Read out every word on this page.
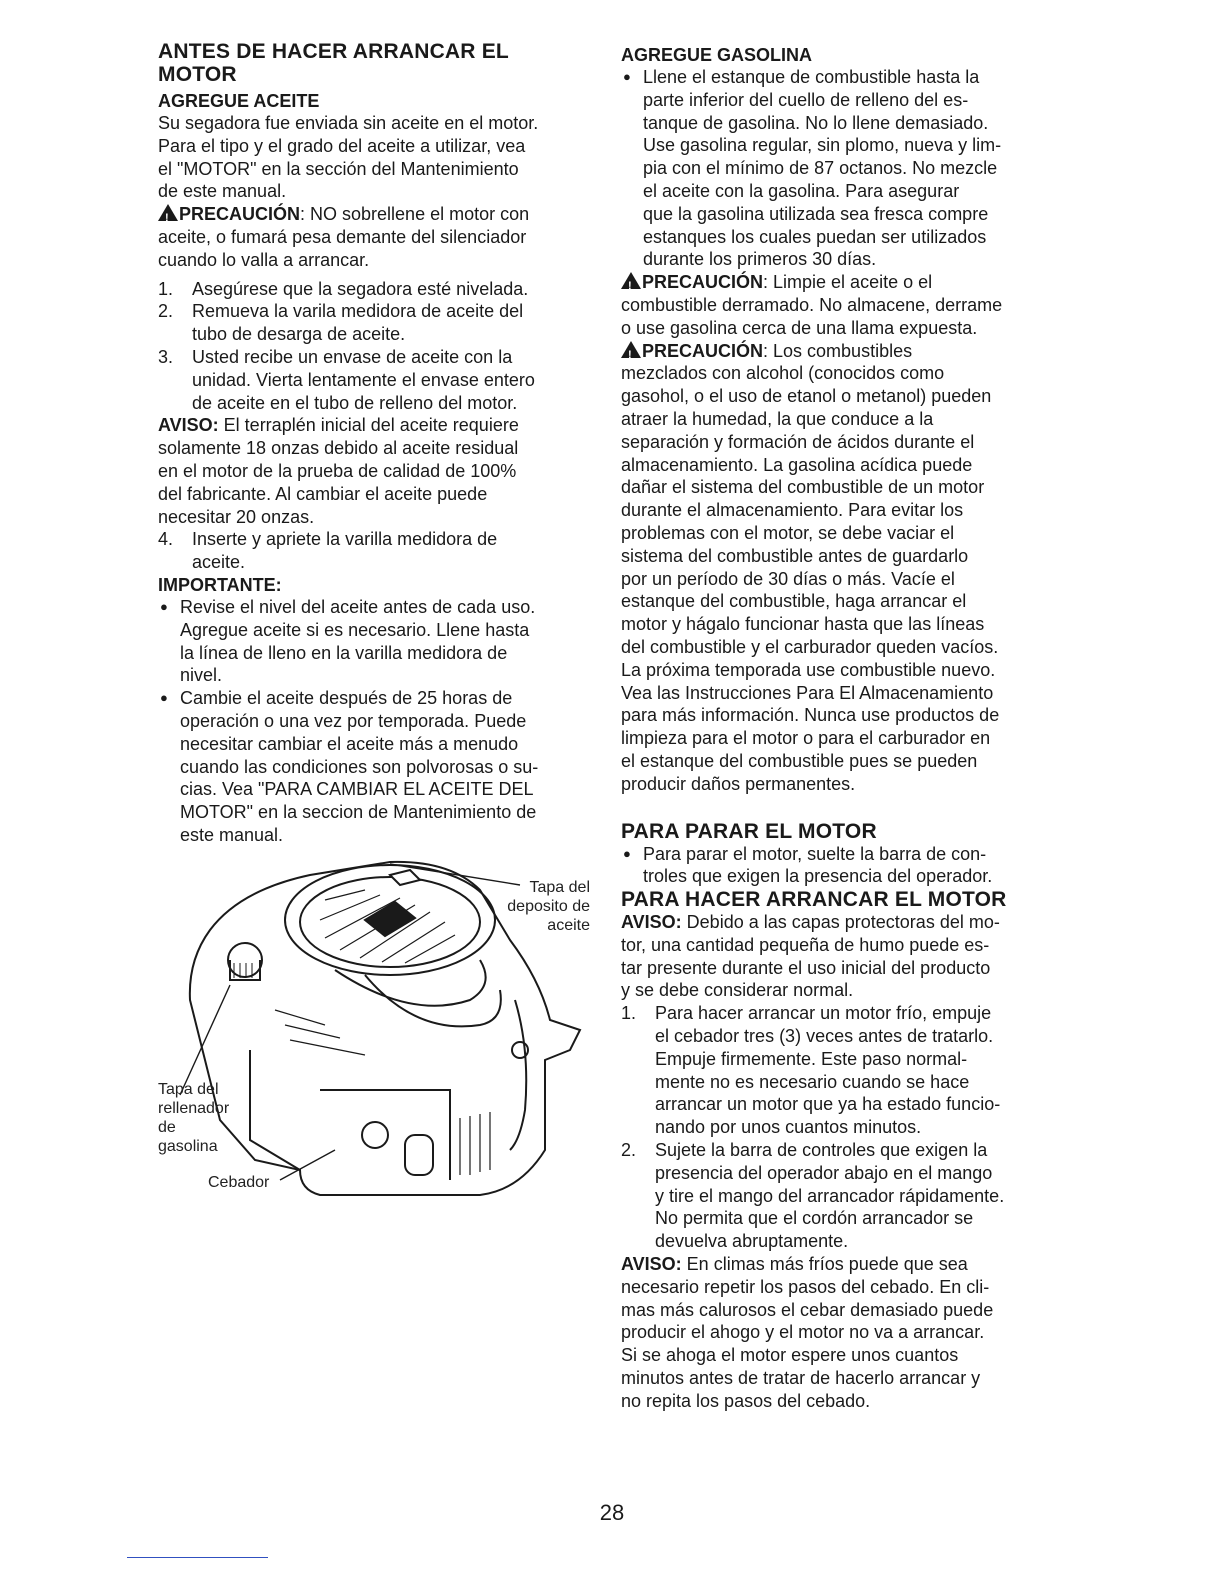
ANTES DE HACER ARRANCAR EL
MOTOR
AGREGUE ACEITE
Su segadora fue enviada sin aceite en el motor.
Para el tipo y el grado del aceite a utilizar, vea
el "MOTOR" en la sección del Mantenimiento
de este manual.
!PRECAUCIÓN: NO sobrellene el motor con
aceite, o fumará pesa demante del silenciador
cuando lo valla a arrancar.
1. Asegúrese que la segadora esté nivelada.
2. Remueva la varila medidora de aceite del
tubo de desarga de aceite.
3. Usted recibe un envase de aceite con la
unidad. Vierta lentamente el envase entero
de aceite en el tubo de relleno del motor.
AVISO: El terraplén inicial del aceite requiere
solamente 18 onzas debido al aceite residual
en el motor de la prueba de calidad de 100%
del fabricante. Al cambiar el aceite puede
necesitar 20 onzas.
4. Inserte y apriete la varilla medidora de
aceite.
IMPORTANTE:
● Revise el nivel del aceite antes de cada uso.
Agregue aceite si es necesario. Llene hasta
la línea de lleno en la varilla medidora de
nivel.
● Cambie el aceite después de 25 horas de
operación o una vez por temporada. Puede
necesitar cambiar el aceite más a menudo
cuando las condiciones son polvorosas o su-
cias. Vea "PARA CAMBIAR EL ACEITE DEL
MOTOR" en la seccion de Mantenimiento de
este manual.
Tapa del
deposito de
aceite
Tapa del
rellenador
de
gasolina
Cebador
AGREGUE GASOLINA
● Llene el estanque de combustible hasta la
parte inferior del cuello de relleno del es-
tanque de gasolina. No lo llene demasiado.
Use gasolina regular, sin plomo, nueva y lim-
pia con el mínimo de 87 octanos. No mezcle
el aceite con la gasolina. Para asegurar
que la gasolina utilizada sea fresca compre
estanques los cuales puedan ser utilizados
durante los primeros 30 días.
!PRECAUCIÓN: Limpie el aceite o el
combustible derramado. No almacene, derrame
o use gasolina cerca de una llama expuesta.
!PRECAUCIÓN: Los combustibles
mezclados con alcohol (conocidos como
gasohol, o el uso de etanol o metanol) pueden
atraer la humedad, la que conduce a la
separación y formación de ácidos durante el
almacenamiento. La gasolina acídica puede
dañar el sistema del combustible de un motor
durante el almacenamiento. Para evitar los
problemas con el motor, se debe vaciar el
sistema del combustible antes de guardarlo
por un período de 30 días o más. Vacíe el
estanque del combustible, haga arrancar el
motor y hágalo funcionar hasta que las líneas
del combustible y el carburador queden vacíos.
La próxima temporada use combustible nuevo.
Vea las Instrucciones Para El Almacenamiento
para más información. Nunca use productos de
limpieza para el motor o para el carburador en
el estanque del combustible pues se pueden
producir daños permanentes.
PARA PARAR EL MOTOR
● Para parar el motor, suelte la barra de con-
troles que exigen la presencia del operador.
PARA HACER ARRANCAR EL MOTOR
AVISO: Debido a las capas protectoras del mo-
tor, una cantidad pequeña de humo puede es-
tar presente durante el uso inicial del producto
y se debe considerar normal.
1. Para hacer arrancar un motor frío, empuje
el cebador tres (3) veces antes de tratarlo.
Empuje firmemente. Este paso normal-
mente no es necesario cuando se hace
arrancar un motor que ya ha estado funcio-
nando por unos cuantos minutos.
2. Sujete la barra de controles que exigen la
presencia del operador abajo en el mango
y tire el mango del arrancador rápidamente.
No permita que el cordón arrancador se
devuelva abruptamente.
AVISO: En climas más fríos puede que sea
necesario repetir los pasos del cebado. En cli-
mas más calurosos el cebar demasiado puede
producir el ahogo y el motor no va a arrancar.
Si se ahoga el motor espere unos cuantos
minutos antes de tratar de hacerlo arrancar y
no repita los pasos del cebado.
28
